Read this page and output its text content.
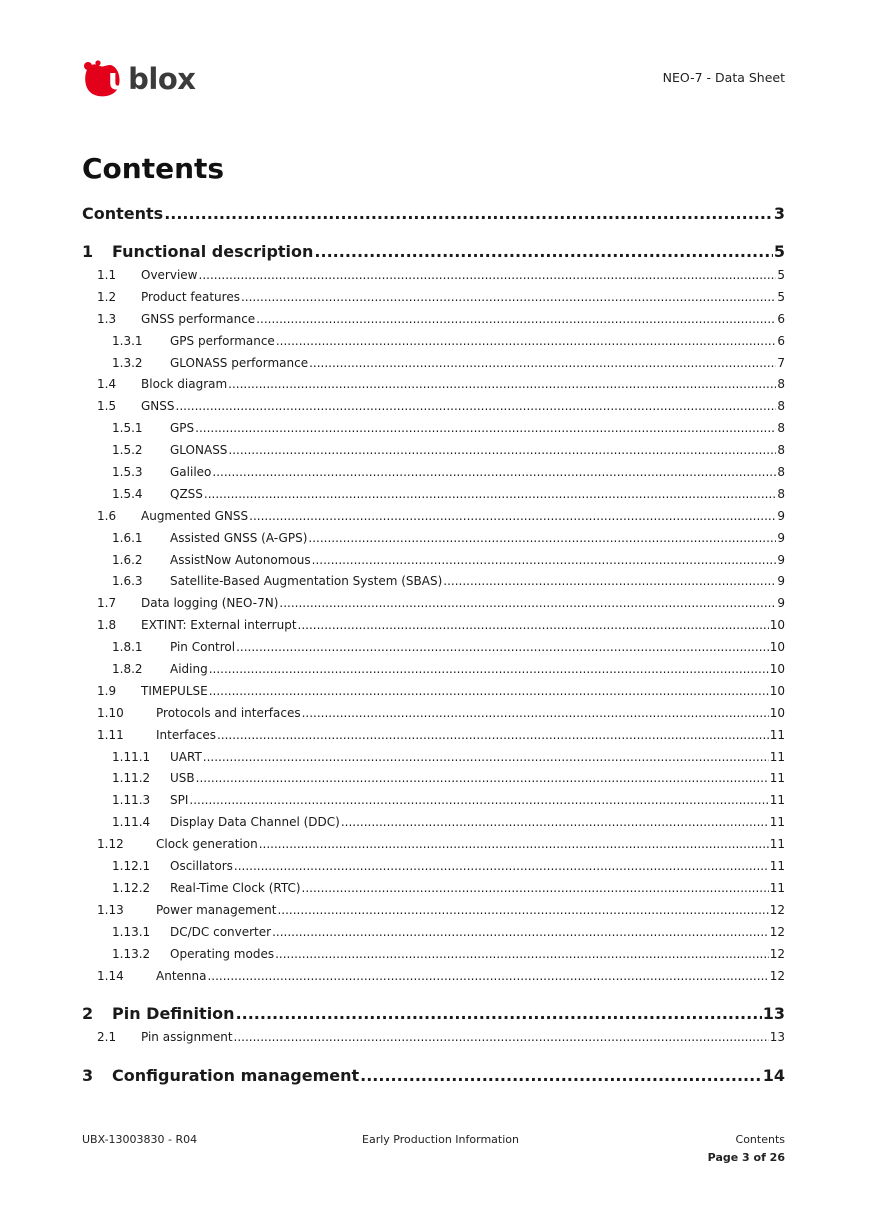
ublox	NEO-7 - Data Sheet
Contents
Contents .....	3
1	Functional description .....	5
1.1	Overview .....	5
1.2	Product features .....	5
1.3	GNSS performance .....	6
1.3.1	GPS performance .....	6
1.3.2	GLONASS performance .....	7
1.4	Block diagram .....	8
1.5	GNSS .....	8
1.5.1	GPS .....	8
1.5.2	GLONASS .....	8
1.5.3	Galileo .....	8
1.5.4	QZSS .....	8
1.6	Augmented GNSS .....	9
1.6.1	Assisted GNSS (A-GPS) .....	9
1.6.2	AssistNow Autonomous .....	9
1.6.3	Satellite-Based Augmentation System (SBAS) .....	9
1.7	Data logging (NEO-7N) .....	9
1.8	EXTINT: External interrupt .....	10
1.8.1	Pin Control .....	10
1.8.2	Aiding .....	10
1.9	TIMEPULSE .....	10
1.10	Protocols and interfaces .....	10
1.11	Interfaces .....	11
1.11.1	UART .....	11
1.11.2	USB .....	11
1.11.3	SPI .....	11
1.11.4	Display Data Channel (DDC) .....	11
1.12	Clock generation .....	11
1.12.1	Oscillators .....	11
1.12.2	Real-Time Clock (RTC) .....	11
1.13	Power management .....	12
1.13.1	DC/DC converter .....	12
1.13.2	Operating modes .....	12
1.14	Antenna .....	12
2	Pin Definition .....	13
2.1	Pin assignment .....	13
3	Configuration management .....	14
UBX-13003830 - R04	Early Production Information	Contents
Page 3 of 26
